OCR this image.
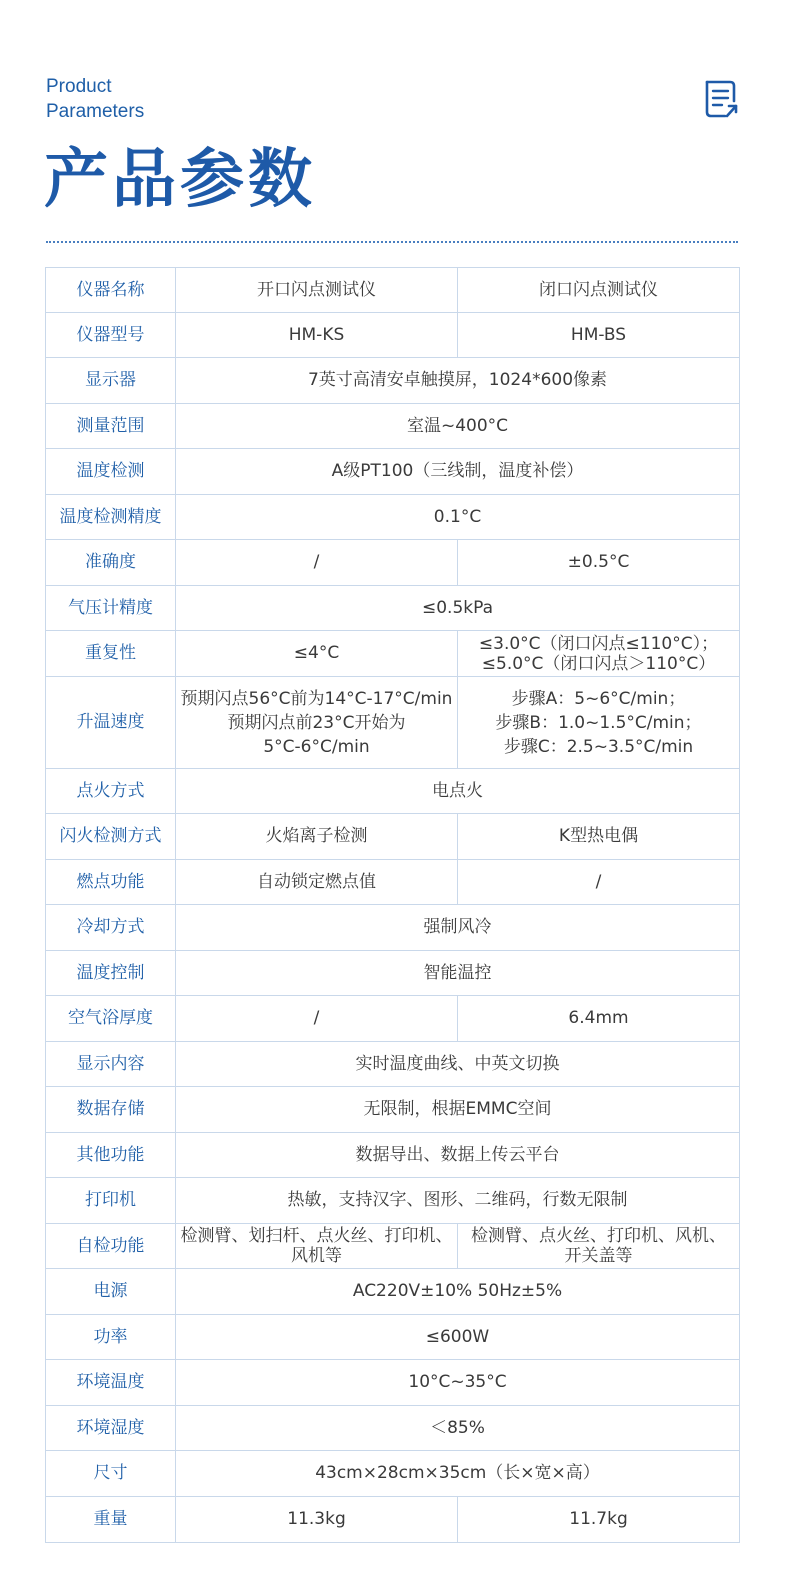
Product
Parameters
产品参数
仪器名称	开口闪点测试仪	闭口闪点测试仪
仪器型号	HM-KS	HM-BS
显示器	7英寸高清安卓触摸屏，1024*600像素	
测量范围	室温~400°C	
温度检测	A级PT100（三线制，温度补偿）	
温度检测精度	0.1°C	
准确度	/	±0.5°C
气压计精度	≤0.5kPa	
重复性	≤4°C	≤3.0°C（闭口闪点≤110°C）；
≤5.0°C（闭口闪点＞110°C）

升温速度	预期闪点56°C前为14°C-17°C/min
预期闪点前23°C开始为
5°C-6°C/min	步骤A：5~6°C/min；
步骤B：1.0~1.5°C/min；
步骤C：2.5~3.5°C/min

点火方式	电点火	
闪火检测方式	火焰离子检测	K型热电偶
燃点功能	自动锁定燃点值	/
冷却方式	强制风冷	
温度控制	智能温控	
空气浴厚度	/	6.4mm
显示内容	实时温度曲线、中英文切换	
数据存储	无限制，根据EMMC空间	
其他功能	数据导出、数据上传云平台	
打印机	热敏，支持汉字、图形、二维码，行数无限制	
自检功能	检测臂、划扫杆、点火丝、打印机、
风机等	检测臂、点火丝、打印机、风机、
开关盖等

电源	AC220V±10% 50Hz±5%	
功率	≤600W	
环境温度	10°C~35°C	
环境湿度	＜85%	
尺寸	43cm×28cm×35cm（长×宽×高）	
重量	11.3kg	11.7kg
